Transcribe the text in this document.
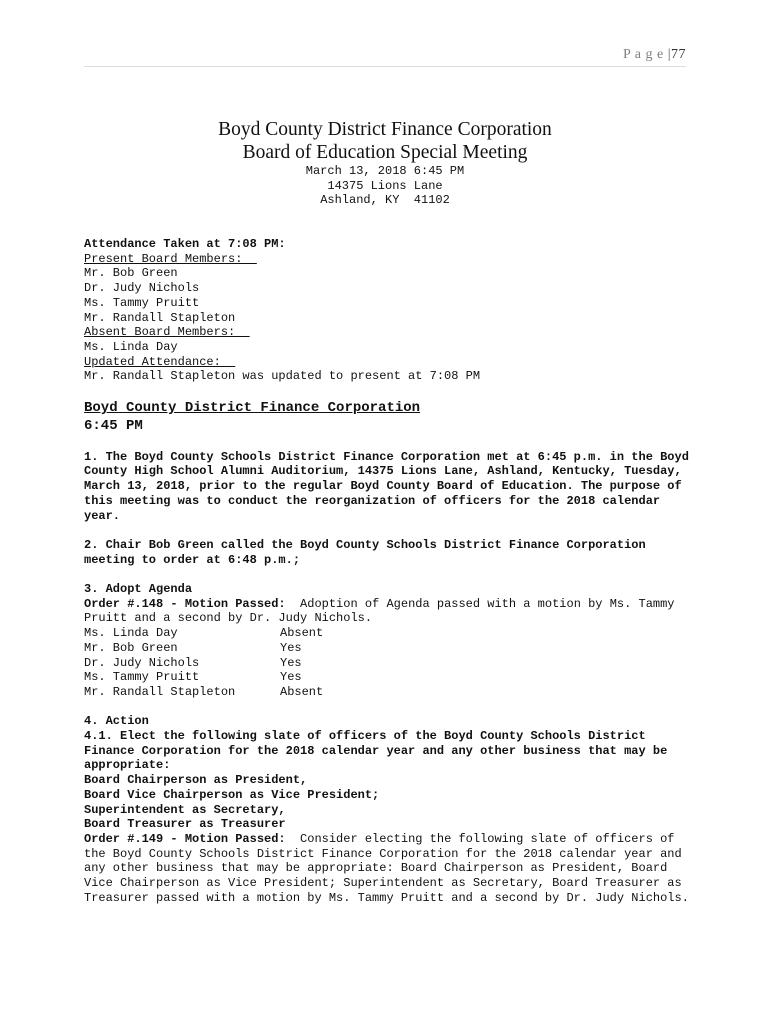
P a g e |77
Boyd County District Finance Corporation
Board of Education Special Meeting
March 13, 2018 6:45 PM
14375 Lions Lane
Ashland, KY  41102
Attendance Taken at 7:08 PM:
Present Board Members:
Mr. Bob Green
Dr. Judy Nichols
Ms. Tammy Pruitt
Mr. Randall Stapleton
Absent Board Members:
Ms. Linda Day
Updated Attendance:
Mr. Randall Stapleton was updated to present at 7:08 PM
Boyd County District Finance Corporation
6:45 PM
1. The Boyd County Schools District Finance Corporation met at 6:45 p.m. in the Boyd County High School Alumni Auditorium, 14375 Lions Lane, Ashland, Kentucky, Tuesday, March 13, 2018, prior to the regular Boyd County Board of Education. The purpose of this meeting was to conduct the reorganization of officers for the 2018 calendar year.
2. Chair Bob Green called the Boyd County Schools District Finance Corporation meeting to order at 6:48 p.m.;
3. Adopt Agenda
Order #.148 - Motion Passed: Adoption of Agenda passed with a motion by Ms. Tammy Pruitt and a second by Dr. Judy Nichols.
Ms. Linda Day	Absent
Mr. Bob Green	Yes
Dr. Judy Nichols	Yes
Ms. Tammy Pruitt	Yes
Mr. Randall Stapleton	Absent
4. Action
4.1. Elect the following slate of officers of the Boyd County Schools District Finance Corporation for the 2018 calendar year and any other business that may be appropriate:
Board Chairperson as President,
Board Vice Chairperson as Vice President;
Superintendent as Secretary,
Board Treasurer as Treasurer
Order #.149 - Motion Passed: Consider electing the following slate of officers of the Boyd County Schools District Finance Corporation for the 2018 calendar year and any other business that may be appropriate: Board Chairperson as President, Board Vice Chairperson as Vice President; Superintendent as Secretary, Board Treasurer as Treasurer passed with a motion by Ms. Tammy Pruitt and a second by Dr. Judy Nichols.
